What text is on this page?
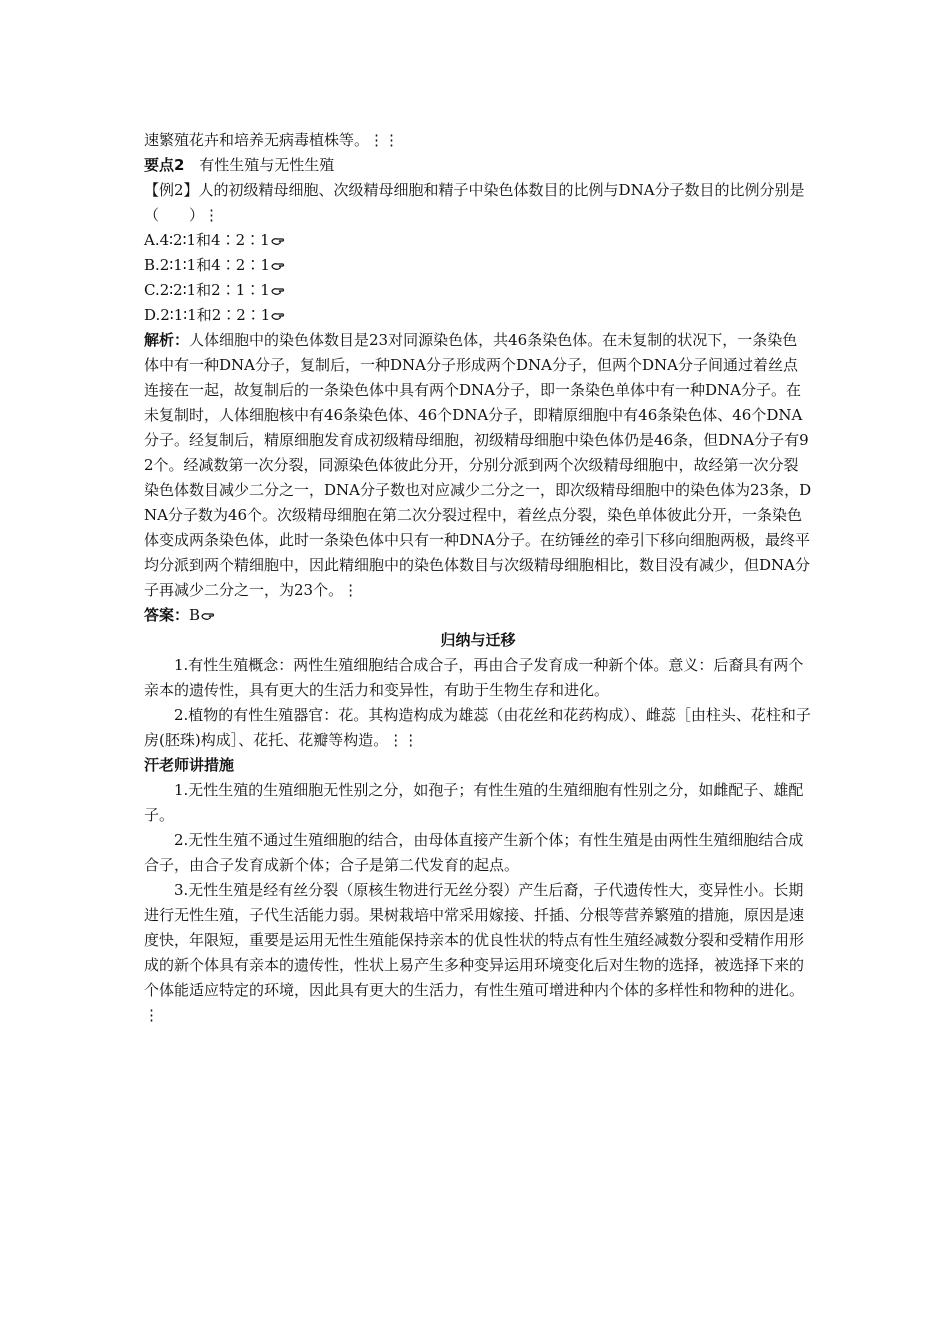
速繁殖花卉和培养无病毒植株等。⋮⋮

要点2 有性生殖与无性生殖

【例2】人的初级精母细胞、次级精母细胞和精子中染色体数目的比例与DNA分子数目的比例分别是（　　）⋮

A.4∶2∶1和4∶2∶1

B.2∶1∶1和4∶2∶1

C.2∶2∶1和2∶1∶1

D.2∶1∶1和2∶2∶1

解析：人体细胞中的染色体数目是23对同源染色体，共46条染色体。在未复制的状况下，一条染色体中有一种DNA分子，复制后，一种DNA分子形成两个DNA分子，但两个DNA分子间通过着丝点连接在一起，故复制后的一条染色体中具有两个DNA分子，即一条染色单体中有一种DNA分子。在未复制时，人体细胞核中有46条染色体、46个DNA分子，即精原细胞中有46条染色体、46个DNA分子。经复制后，精原细胞发育成初级精母细胞，初级精母细胞中染色体仍是46条，但DNA分子有92个。经减数第一次分裂，同源染色体彼此分开，分别分派到两个次级精母细胞中，故经第一次分裂染色体数目减少二分之一，DNA分子数也对应减少二分之一，即次级精母细胞中的染色体为23条，DNA分子数为46个。次级精母细胞在第二次分裂过程中，着丝点分裂，染色单体彼此分开，一条染色体变成两条染色体，此时一条染色体中只有一种DNA分子。在纺锤丝的牵引下移向细胞两极，最终平均分派到两个精细胞中，因此精细胞中的染色体数目与次级精母细胞相比，数目没有减少，但DNA分子再减少二分之一，为23个。⋮

答案：B

归纳与迁移

1.有性生殖概念：两性生殖细胞结合成合子，再由合子发育成一种新个体。意义：后裔具有两个亲本的遗传性，具有更大的生活力和变异性，有助于生物生存和进化。

2.植物的有性生殖器官：花。其构造构成为雄蕊（由花丝和花药构成）、雌蕊［由柱头、花柱和子房(胚珠)构成］、花托、花瓣等构造。⋮⋮

汗老师讲措施

1.无性生殖的生殖细胞无性别之分，如孢子；有性生殖的生殖细胞有性别之分，如雌配子、雄配子。

2.无性生殖不通过生殖细胞的结合，由母体直接产生新个体；有性生殖是由两性生殖细胞结合成合子，由合子发育成新个体；合子是第二代发育的起点。

3.无性生殖是经有丝分裂（原核生物进行无丝分裂）产生后裔，子代遗传性大，变异性小。长期进行无性生殖，子代生活能力弱。果树栽培中常采用嫁接、扦插、分根等营养繁殖的措施，原因是速度快，年限短，重要是运用无性生殖能保持亲本的优良性状的特点有性生殖经减数分裂和受精作用形成的新个体具有亲本的遗传性，性状上易产生多种变异运用环境变化后对生物的选择，被选择下来的个体能适应特定的环境，因此具有更大的生活力，有性生殖可增进种内个体的多样性和物种的进化。⋮
